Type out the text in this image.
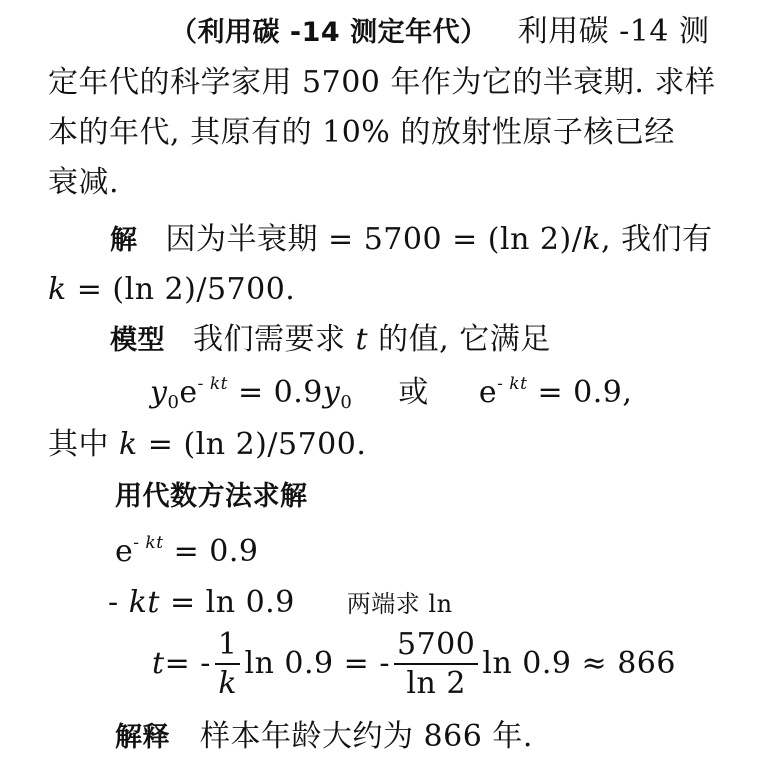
（利用碳 -14 测定年代） 利用碳 -14 测
定年代的科学家用 5700 年作为它的半衰期. 求样
本的年代, 其原有的 10% 的放射性原子核已经
衰减.
解 因为半衰期 = 5700 = (ln 2)/k, 我们有
k = (ln 2)/5700.
模型 我们需要求 t 的值, 它满足
$y_0e^{- kt} = 0.9y_0$ 或 $e^{- kt} = 0.9$,
其中 k = (ln 2)/5700.
用代数方法求解
$e^{- kt} = 0.9$
- kt = ln 0.9 两端求 ln
t = - $\frac{1}{k}$ ln 0.9 = - $\frac{5700}{\ln 2}$ ln 0.9 ≈ 866
解释 样本年龄大约为 866 年.
